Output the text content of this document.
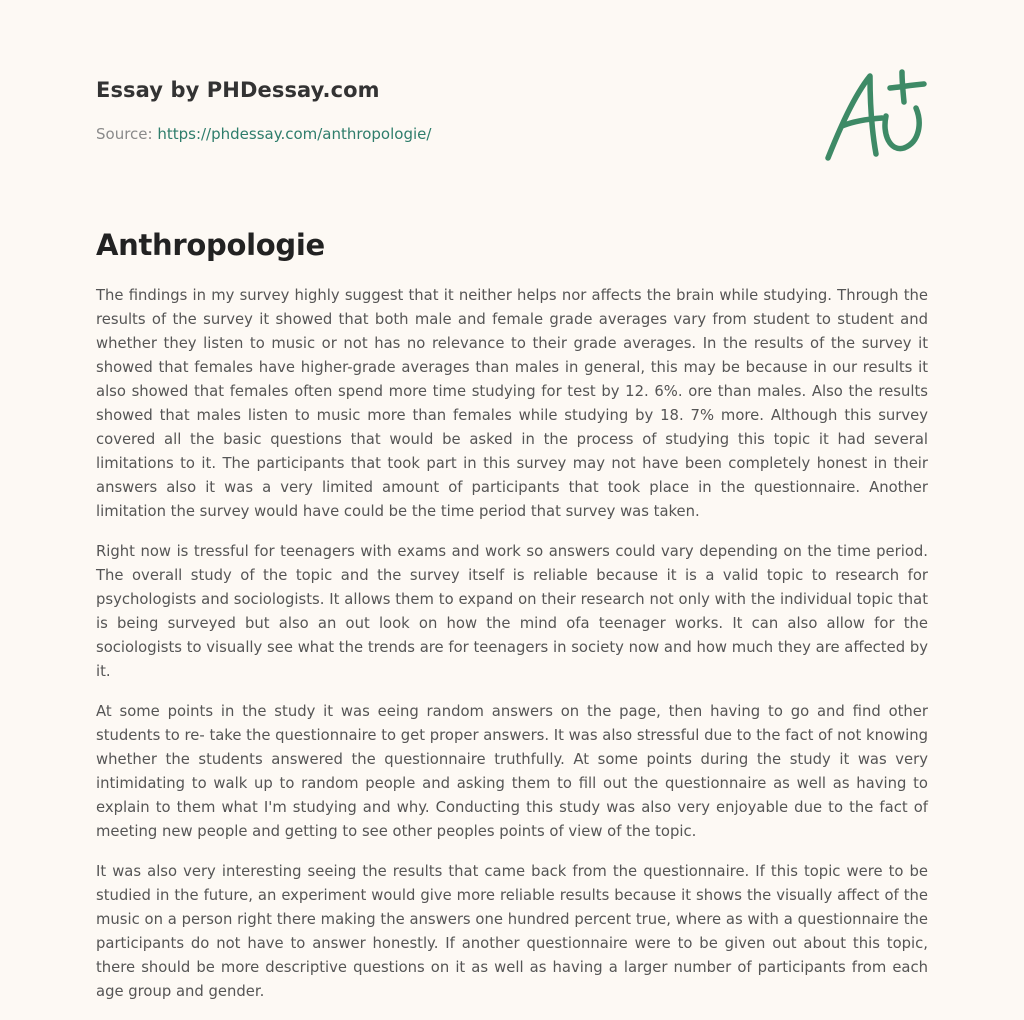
Essay by PHDessay.com
Source: https://phdessay.com/anthropologie/
Anthropologie

The findings in my survey highly suggest that it neither helps nor affects the brain while studying. Through the results of the survey it showed that both male and female grade averages vary from student to student and whether they listen to music or not has no relevance to their grade averages. In the results of the survey it showed that females have higher-grade averages than males in general, this may be because in our results it also showed that females often spend more time studying for test by 12. 6%. ore than males. Also the results showed that males listen to music more than females while studying by 18. 7% more. Although this survey covered all the basic questions that would be asked in the process of studying this topic it had several limitations to it. The participants that took part in this survey may not have been completely honest in their answers also it was a very limited amount of participants that took place in the questionnaire. Another limitation the survey would have could be the time period that survey was taken.

Right now is tressful for teenagers with exams and work so answers could vary depending on the time period. The overall study of the topic and the survey itself is reliable because it is a valid topic to research for psychologists and sociologists. It allows them to expand on their research not only with the individual topic that is being surveyed but also an out look on how the mind ofa teenager works. It can also allow for the sociologists to visually see what the trends are for teenagers in society now and how much they are affected by it.

At some points in the study it was eeing random answers on the page, then having to go and find other students to re- take the questionnaire to get proper answers. It was also stressful due to the fact of not knowing whether the students answered the questionnaire truthfully. At some points during the study it was very intimidating to walk up to random people and asking them to fill out the questionnaire as well as having to explain to them what I'm studying and why. Conducting this study was also very enjoyable due to the fact of meeting new people and getting to see other peoples points of view of the topic.

It was also very interesting seeing the results that came back from the questionnaire. If this topic were to be studied in the future, an experiment would give more reliable results because it shows the visually affect of the music on a person right there making the answers one hundred percent true, where as with a questionnaire the participants do not have to answer honestly. If another questionnaire were to be given out about this topic, there should be more descriptive questions on it as well as having a larger number of participants from each age group and gender.
